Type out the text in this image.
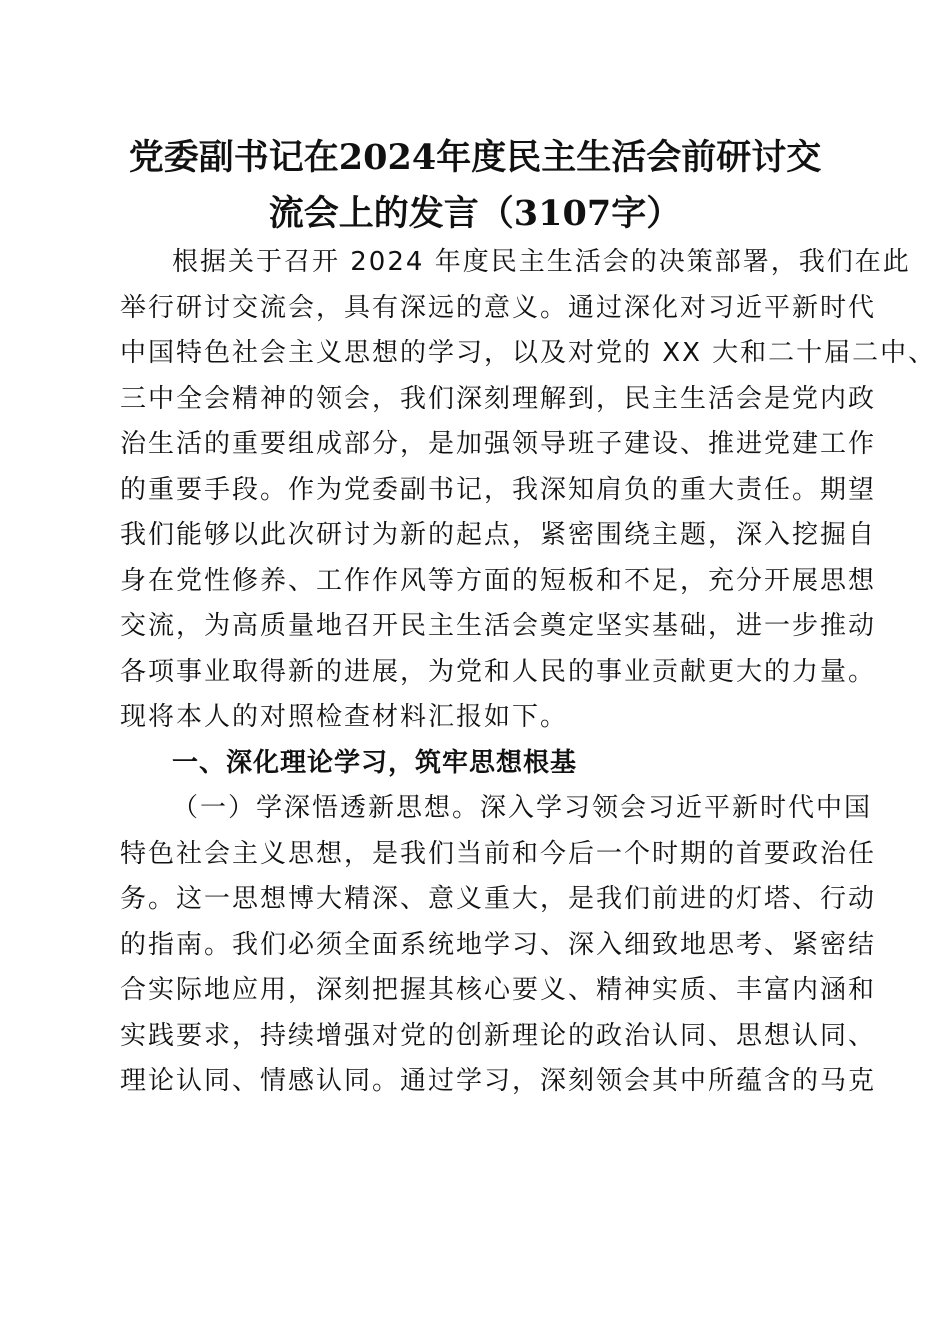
党委副书记在2024年度民主生活会前研讨交
流会上的发言（3107字）
根据关于召开 2024 年度民主生活会的决策部署，我们在此
举行研讨交流会，具有深远的意义。通过深化对习近平新时代
中国特色社会主义思想的学习，以及对党的 XX 大和二十届二中、
三中全会精神的领会，我们深刻理解到，民主生活会是党内政
治生活的重要组成部分，是加强领导班子建设、推进党建工作
的重要手段。作为党委副书记，我深知肩负的重大责任。期望
我们能够以此次研讨为新的起点，紧密围绕主题，深入挖掘自
身在党性修养、工作作风等方面的短板和不足，充分开展思想
交流，为高质量地召开民主生活会奠定坚实基础，进一步推动
各项事业取得新的进展，为党和人民的事业贡献更大的力量。
现将本人的对照检查材料汇报如下。
一、深化理论学习，筑牢思想根基
（一）学深悟透新思想。深入学习领会习近平新时代中国
特色社会主义思想，是我们当前和今后一个时期的首要政治任
务。这一思想博大精深、意义重大，是我们前进的灯塔、行动
的指南。我们必须全面系统地学习、深入细致地思考、紧密结
合实际地应用，深刻把握其核心要义、精神实质、丰富内涵和
实践要求，持续增强对党的创新理论的政治认同、思想认同、
理论认同、情感认同。通过学习，深刻领会其中所蕴含的马克
